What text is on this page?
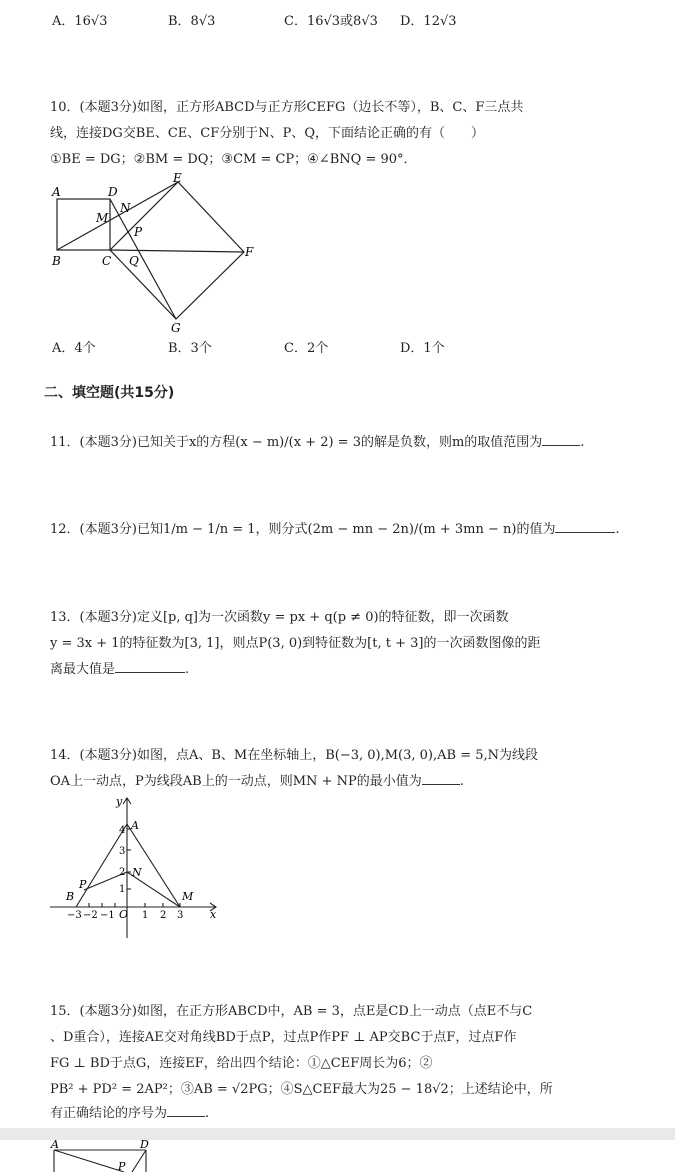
A．16√3	B．8√3	C．16√3或8√3 D．12√3
10．(本题3分)如图，正方形ABCD与正方形CEFG（边长不等），B、C、F三点共
线，连接DG交BE、CE、CF分别于N、P、Q，下面结论正确的有（　　）
①BE = DG；②BM = DQ；③CM = CP；④∠BNQ = 90°．
A	D
E
M
N
P
B	C Q
F
G
A．4个	B．3个	C．2个	D．1个
二、填空题(共15分)
11．(本题3分)已知关于x的方程(x − m)/(x + 2) = 3的解是负数，则m的取值范围为	.
12．(本题3分)已知1/m − 1/n = 1，则分式(2m − mn − 2n)/(m + 3mn − n)的值为	.
13．(本题3分)定义[p, q]为一次函数y = px + q(p ≠ 0)的特征数，即一次函数
y = 3x + 1的特征数为[3, 1]，则点P(3, 0)到特征数为[t, t + 3]的一次函数图像的距
离最大值是	.
14．(本题3分)如图，点A、B、M在坐标轴上，B(−3, 0),M(3, 0),AB = 5,N为线段
OA上一动点，P为线段AB上的一动点，则MN + NP的最小值为	.
y
x
O
A
B	M
N
P
−3 −2 −1	1 2 3
1
2
3
4
15．(本题3分)如图，在正方形ABCD中，AB = 3，点E是CD上一动点（点E不与C
、D重合），连接AE交对角线BD于点P，过点P作PF ⊥ AP交BC于点F，过点F作
FG ⊥ BD于点G，连接EF，给出四个结论：①△CEF周长为6；②
PB² + PD² = 2AP²；③AB = √2PG；④S△CEF最大为25 − 18√2；上述结论中，所
有正确结论的序号为	.
A	D
P
